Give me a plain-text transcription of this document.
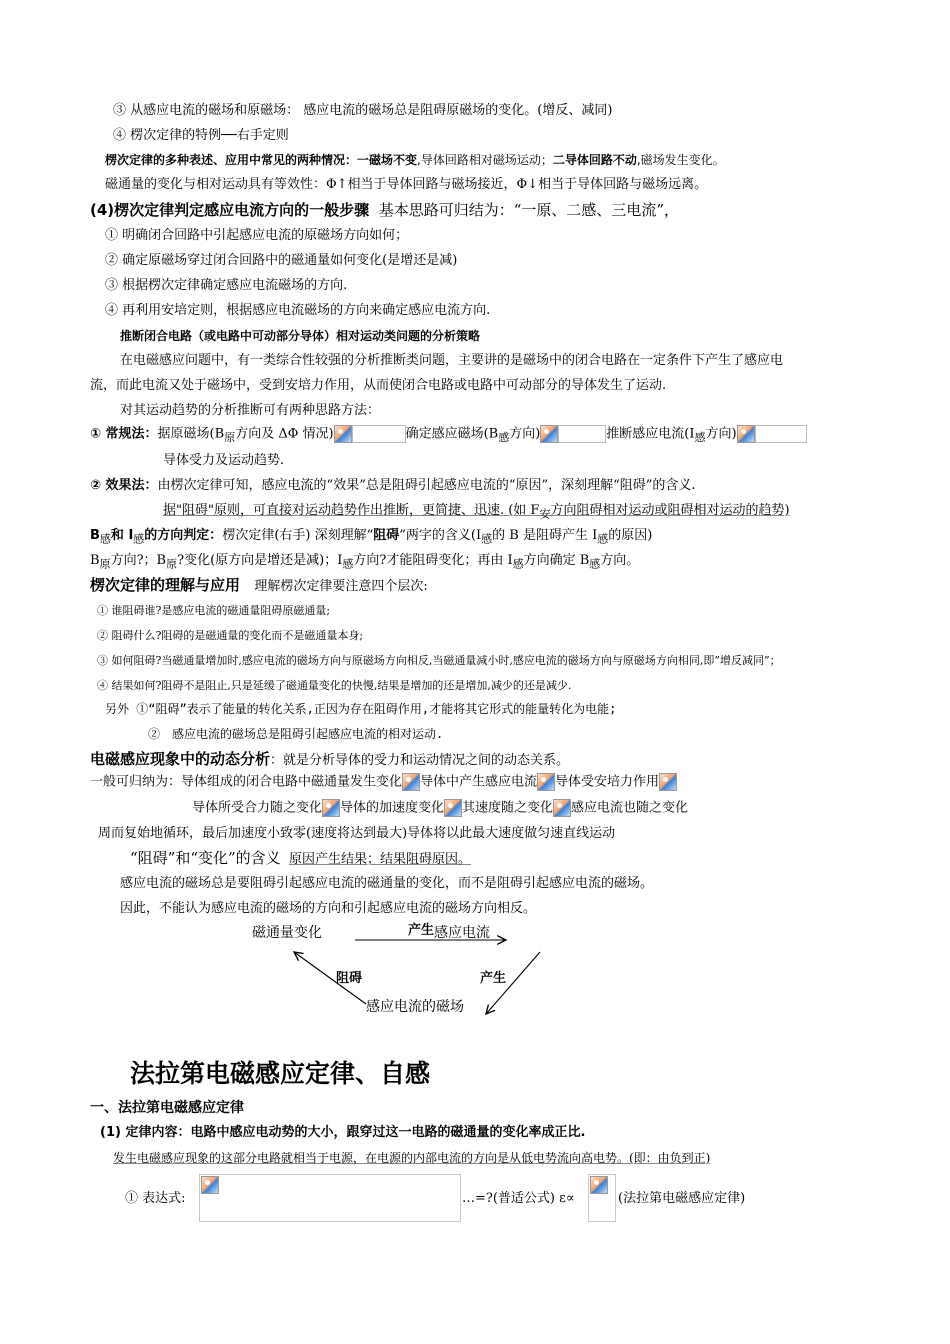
③ 从感应电流的磁场和原磁场： 感应电流的磁场总是阻碍原磁场的变化。(增反、减同)
④ 楞次定律的特例──右手定则
楞次定律的多种表述、应用中常见的两种情况：一磁场不变,导体回路相对磁场运动；二导体回路不动,磁场发生变化。
磁通量的变化与相对运动具有等效性：Φ↑相当于导体回路与磁场接近，Φ↓相当于导体回路与磁场远离。
(4)楞次定律判定感应电流方向的一般步骤 基本思路可归结为：“一原、二感、三电流”，
① 明确闭合回路中引起感应电流的原磁场方向如何；
② 确定原磁场穿过闭合回路中的磁通量如何变化(是增还是减)
③ 根据楞次定律确定感应电流磁场的方向.
④ 再利用安培定则，根据感应电流磁场的方向来确定感应电流方向.
推断闭合电路（或电路中可动部分导体）相对运动类问题的分析策略
在电磁感应问题中，有一类综合性较强的分析推断类问题，主要讲的是磁场中的闭合电路在一定条件下产生了感应电
流，而此电流又处于磁场中，受到安培力作用，从而使闭合电路或电路中可动部分的导体发生了运动.
对其运动趋势的分析推断可有两种思路方法：
① 常规法：据原磁场($B_原$方向及 ΔΦ 情况)	确定感应磁场($B_感$方向)	推断感应电流($I_感$方向)
导体受力及运动趋势.
② 效果法：由楞次定律可知，感应电流的“效果”总是阻碍引起感应电流的“原因”，深刻理解“阻碍”的含义.
据"阻碍"原则，可直接对运动趋势作出推断，更简捷、迅速. (如 $F_安$方向阻碍相对运动或阻碍相对运动的趋势)
$B_感$和 $I_感$的方向判定：楞次定律(右手) 深刻理解“阻碍”两字的含义($I_感$的 B 是阻碍产生 $I_感$的原因)
$B_原$方向?；$B_原$?变化(原方向是增还是减)；$I_感$方向?才能阻碍变化；再由 $I_感$方向确定 $B_感$方向。
楞次定律的理解与应用 理解楞次定律要注意四个层次:
① 谁阻碍谁?是感应电流的磁通量阻碍原磁通量;
② 阻碍什么?阻碍的是磁通量的变化而不是磁通量本身;
③ 如何阻碍?当磁通量增加时,感应电流的磁场方向与原磁场方向相反,当磁通量减小时,感应电流的磁场方向与原磁场方向相同,即”增反减同”；
④ 结果如何?阻碍不是阻止,只是延缓了磁通量变化的快慢,结果是增加的还是增加,减少的还是减少.
另外 ①“阻碍”表示了能量的转化关系,正因为存在阻碍作用,才能将其它形式的能量转化为电能;
②　感应电流的磁场总是阻碍引起感应电流的相对运动.
电磁感应现象中的动态分析：就是分析导体的受力和运动情况之间的动态关系。
一般可归纳为：导体组成的闭合电路中磁通量发生变化 导体中产生感应电流 导体受安培力作用
导体所受合力随之变化 导体的加速度变化 其速度随之变化 感应电流也随之变化
周而复始地循环，最后加速度小致零(速度将达到最大)导体将以此最大速度做匀速直线运动
“阻碍”和“变化”的含义 原因产生结果；结果阻碍原因。
感应电流的磁场总是要阻碍引起感应电流的磁通量的变化，而不是阻碍引起感应电流的磁场。
因此，不能认为感应电流的磁场的方向和引起感应电流的磁场方向相反。
磁通量变化	感应电流
产生
阻碍	产生
感应电流的磁场
法拉第电磁感应定律、自感
一、法拉第电磁感应定律
(1) 定律内容：电路中感应电动势的大小，跟穿过这一电路的磁通量的变化率成正比.
发生电磁感应现象的这部分电路就相当于电源，在电源的内部电流的方向是从低电势流向高电势。(即：由负到正)
① 表达式:	…=?(普适公式) ε∝	(法拉第电磁感应定律)
